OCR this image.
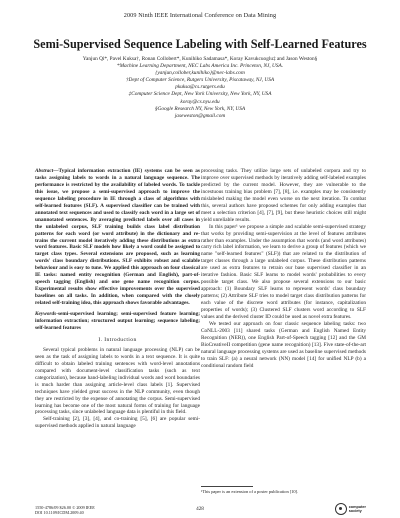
2009 Ninth IEEE International Conference on Data Mining
Semi-Supervised Sequence Labeling with Self-Learned Features
Yanjun Qi*, Pavel Kuksa†, Ronan Collobert*, Kunihiko Sadamasa*, Koray Kavukcuoglu‡ and Jason Weston§
*Machine Learning Department, NEC Labs America Inc. Princeton, NJ, USA.
{yanjun,collober,kunihiko}@nec-labs.com
†Dept of Computer Science, Rutgers University, Piscataway, NJ, USA
pkuksa@cs.rutgers.edu
‡Computer Science Dept, New York University, New York, NY, USA
koray@cs.nyu.edu
§Google Research NY, New York, NY, USA
jaseweston@gmail.com

Abstract—Typical information extraction (IE) systems can be seen as tasks assigning labels to words in a natural language sequence. The performance is restricted by the availability of labeled words. To tackle this issue, we propose a semi-supervised approach to improve the sequence labeling procedure in IE through a class of algorithms with self-learned features (SLF). A supervised classifier can be trained with annotated text sequences and used to classify each word in a large set of unannotated sentences. By averaging predicted labels over all cases in the unlabeled corpus, SLF training builds class label distribution patterns for each word (or word attribute) in the dictionary and re-trains the current model iteratively adding these distributions as extra word features. Basic SLF models how likely a word could be assigned to target class types. Several extensions are proposed, such as learning words' class boundary distributions. SLF exhibits robust and scalable behaviour and is easy to tune. We applied this approach on four classical IE tasks: named entity recognition (German and English), part-of-speech tagging (English) and one gene name recognition corpus. Experimental results show effective improvements over the supervised baselines on all tasks. In addition, when compared with the closely related self-training idea, this approach shows favorable advantages.

Keywords-semi-supervised learning; semi-supervised feature learning; information extraction; structured output learning; sequence labeling; self-learned features

I. Introduction

Several typical problems in natural language processing (NLP) can be seen as the task of assigning labels to words in a text sequence. It is quite difficult to obtain labeled training sentences with word-level annotations compared with document-level classification tasks (such as text categorization), because hand-labeling individual words and word boundaries is much harder than assigning article-level class labels [1]. Supervised techniques have yielded great success in the NLP community, even though they are restricted by the expense of annotating the corpus. Semi-supervised learning has become one of the most natural forms of training for language processing tasks, since unlabeled language data is plentiful in this field.

Self-training [2], [3], [4], and co-training [5], [6] are popular semi-supervised methods applied in natural language

processing tasks. They utilize large sets of unlabeled corpora and try to improve over supervised methods by iteratively adding self-labeled examples predicted by the current model. However, they are vulnerable to the incestuous training bias problem [7], [8], i.e. examples may be consistently mislabeled making the model even worse on the next iteration. To combat this, several authors have proposed schemes for only adding examples that meet a selection criterion [4], [7], [9], but these heuristic choices still might yield unreliable results.

In this paper¹ we propose a simple and scalable semi-supervised strategy that works by providing semi-supervision at the level of features attributes rather than examples. Under the assumption that words (and word attributes) carry rich label information, we learn to derive a group of features (which we name "self-learned features" (SLF)) that are related to the distribution of target classes through a large unlabeled corpus. These distribution patterns are used as extra features to retrain our base supervised classifier in an iterative fashion. Basic SLF learns to model words' probabilities to every possible target class. We also propose several extensions to our basic approach: (1) Boundary SLF learns to represent words' class boundary patterns; (2) Attribute SLF tries to model target class distribution patterns for each value of the discrete word attributes (for instance, capitalization properties of words); (3) Clustered SLF clusters word according to SLF values and the derived cluster ID could be used as novel extra features.

We tested our approach on four classic sequence labeling tasks: two CoNLL-2003 [11] shared tasks (German and English Named Entity Recognition (NER)), one English Part-of-Speech tagging [12] and the GM BioCreativeII competition (gene name recognition) [13]. Five state-of-the-art natural language processing systems are used as baseline supervised methods to train SLF: (a) a neural network (NN) model [14] for unified NLP (b) a conditional random field

¹This paper is an extension of a poster publication [10].
1550-4786/09 $26.00 © 2009 IEEE
DOI 10.1109/ICDM.2009.40
428	computer
society
